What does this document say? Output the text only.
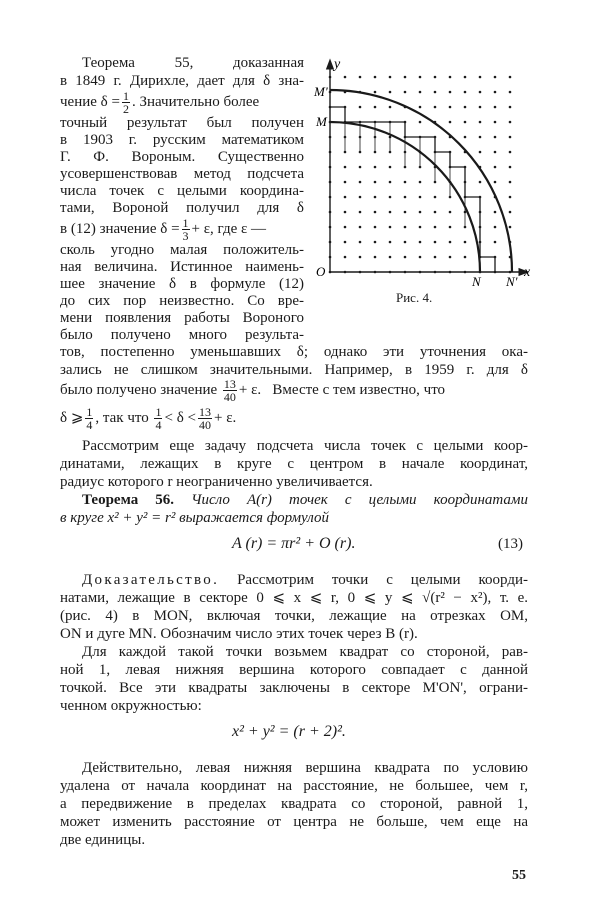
Теорема	55,	доказанная
в 1849 г. Дирихле, дает для δ зна-
чение $\delta = \frac{1}{2}$ . Значительно более
точный результат был получен
в 1903 г. русским математиком
Г. Ф. Вороным. Существенно
усовершенствовав метод подсчета
числа точек с целыми координа-
тами, Вороной получил для δ
в (12) значение $\delta = \frac{1}{3} + \varepsilon$, где ε —
сколь угодно малая положитель-
ная величина. Истинное наимень-
шее значение δ в формуле (12)
до сих пор неизвестно. Со вре-
мени появления работы Вороного
было получено много результа-
y
x
O
M
M'
N N'
Рис. 4.
тов, постепенно уменьшавших δ; однако эти уточнения ока-
зались не слишком значительными. Например, в 1959 г. для δ
было получено значение $\frac{13}{40} + \varepsilon$.   Вместе с тем известно, что
δ ⩾ $\frac{1}{4}$ , так что $\frac{1}{4} < \delta < \frac{13}{40} + \varepsilon$.
Рассмотрим еще задачу подсчета числа точек с целыми коор-
динатами, лежащих в круге с центром в начале координат,
радиус которого r неограниченно увеличивается.
Теорема 56. Число A(r) точек с целыми координатами
в круге x² + y² = r² выражается формулой
A (r) = πr² + O (r).	(13)
Доказательство. Рассмотрим точки с целыми коорди-
натами, лежащие в секторе 0 ⩽ x ⩽ r, 0 ⩽ y ⩽ √(r² − x²), т. е.
(рис. 4) в MON, включая точки, лежащие на отрезках OM,
ON и дуге MN. Обозначим число этих точек через B (r).
Для каждой такой точки возьмем квадрат со стороной, рав-
ной 1, левая нижняя вершина которого совпадает с данной
точкой. Все эти квадраты заключены в секторе M'ON', ограни-
ченном окружностью:
x² + y² = (r + 2)².
Действительно, левая нижняя вершина квадрата по условию
удалена от начала координат на расстояние, не большее, чем r,
а передвижение в пределах квадрата со стороной, равной 1,
может изменить расстояние от центра не больше, чем еще на
две единицы.
55
